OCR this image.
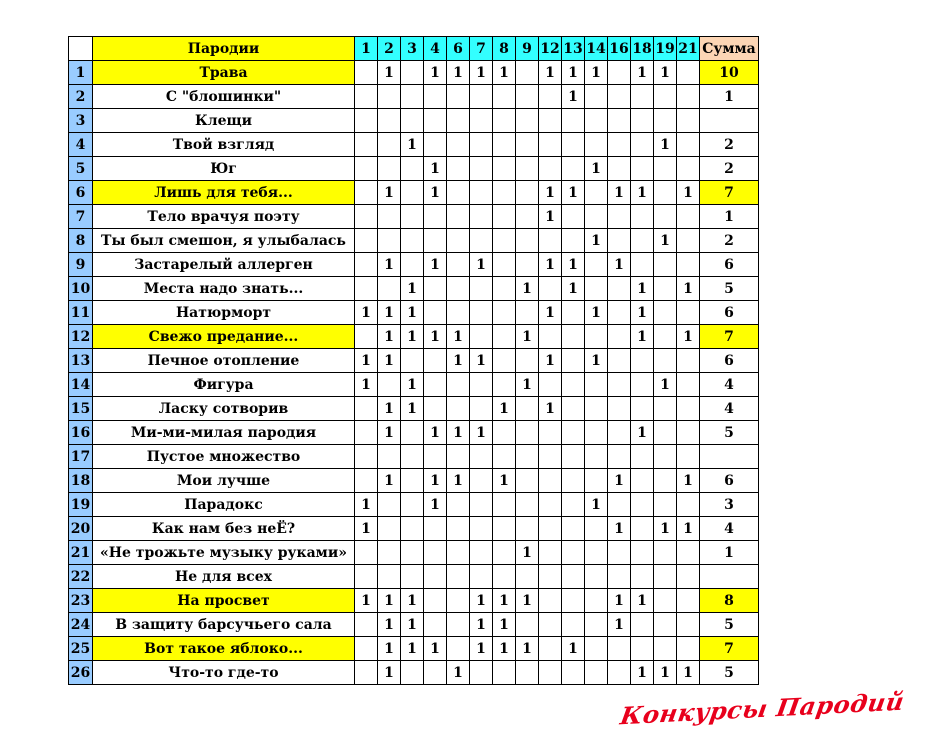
	Пародии	1	2	3	4	6	7	8	9	12	13	14	16	18	19	21	Сумма
1	Трава		1		1	1	1	1		1	1	1		1	1		10
2	С "блошинки"										1						1
3	Клещи																
4	Твой взгляд			1											1		2
5	Юг				1							1					2
6	Лишь для тебя...		1		1					1	1		1	1		1	7
7	Тело врачуя поэту									1							1
8	Ты был смешон, я улыбалась											1			1		2
9	Застарелый аллерген		1		1		1			1	1		1				6
10	Места надо знать...			1					1		1			1		1	5
11	Натюрморт	1	1	1						1		1		1			6
12	Свежо предание...		1	1	1	1			1					1		1	7
13	Печное отопление	1	1			1	1			1		1					6
14	Фигура	1		1					1						1		4
15	Ласку сотворив		1	1				1		1							4
16	Ми-ми-милая пародия		1		1	1	1							1			5
17	Пустое множество																
18	Мои лучше		1		1	1		1					1			1	6
19	Парадокс	1			1							1					3
20	Как нам без неЁ?	1											1		1	1	4
21	«Не трожьте музыку руками»								1								1
22	Не для всех																
23	На просвет	1	1	1			1	1	1				1	1			8
24	В защиту барсучьего сала		1	1			1	1					1				5
25	Вот такое яблоко...		1	1	1		1	1	1		1						7
26	Что-то где-то		1			1								1	1	1	5
Конкурсы Пародий
